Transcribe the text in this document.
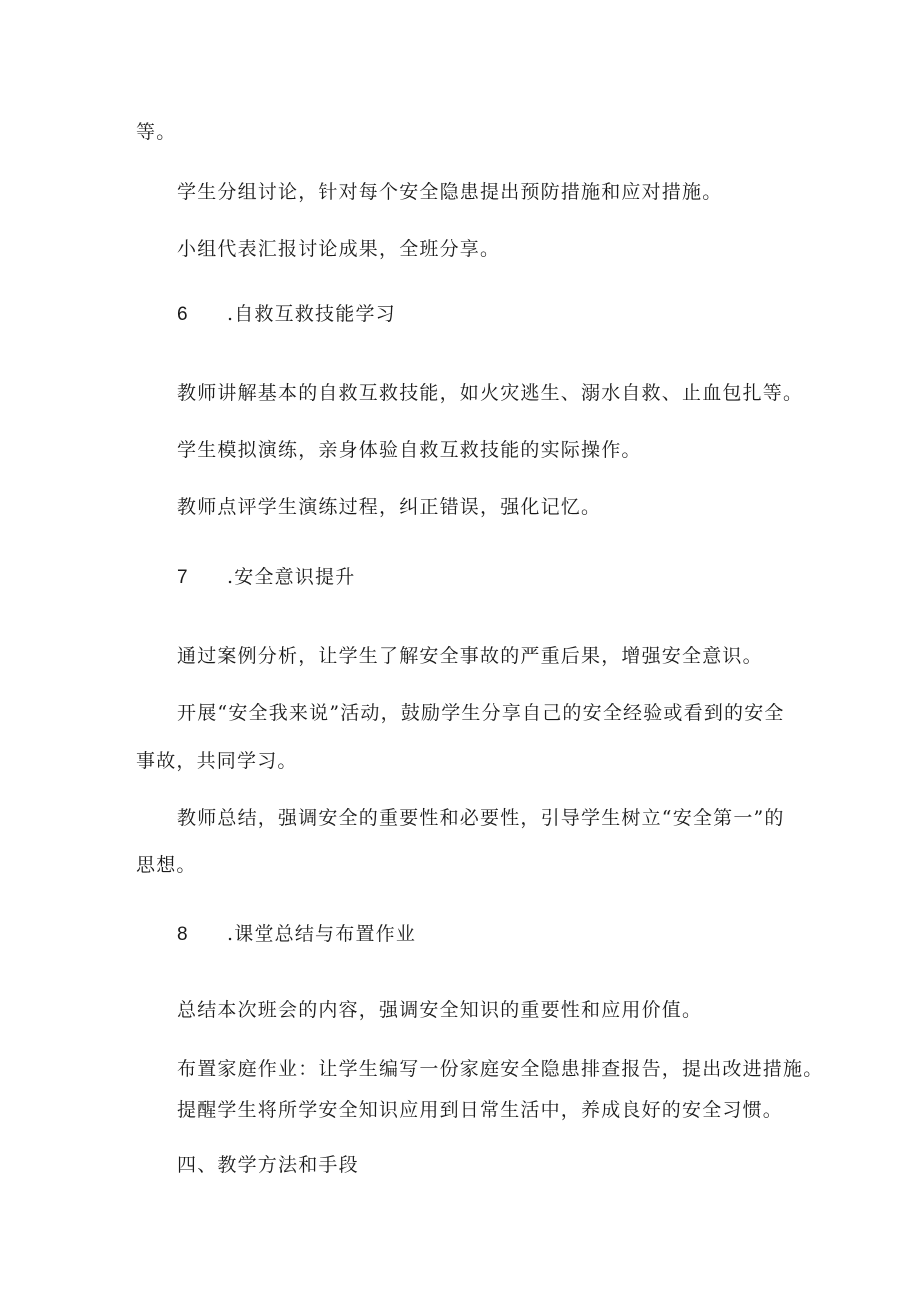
等。
学生分组讨论，针对每个安全隐患提出预防措施和应对措施。
小组代表汇报讨论成果，全班分享。
6 .自救互救技能学习
教师讲解基本的自救互救技能，如火灾逃生、溺水自救、止血包扎等。
学生模拟演练，亲身体验自救互救技能的实际操作。
教师点评学生演练过程，纠正错误，强化记忆。
7 .安全意识提升
通过案例分析，让学生了解安全事故的严重后果，增强安全意识。
开展“安全我来说”活动，鼓励学生分享自己的安全经验或看到的安全
事故，共同学习。
教师总结，强调安全的重要性和必要性，引导学生树立“安全第一”的
思想。
8 .课堂总结与布置作业
总结本次班会的内容，强调安全知识的重要性和应用价值。
布置家庭作业：让学生编写一份家庭安全隐患排查报告，提出改进措施。
提醒学生将所学安全知识应用到日常生活中，养成良好的安全习惯。
四、教学方法和手段
